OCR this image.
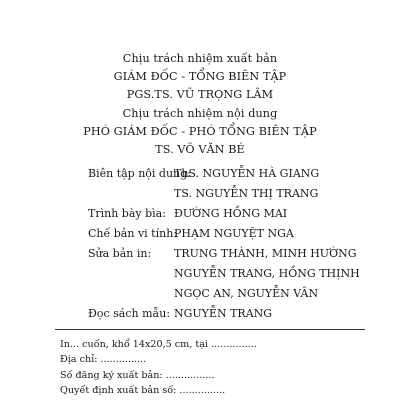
Chịu trách nhiệm xuất bản
GIÁM ĐỐC - TỔNG BIÊN TẬP
PGS.TS. VŨ TRỌNG LÂM
Chịu trách nhiệm nội dung
PHÓ GIÁM ĐỐC - PHÓ TỔNG BIÊN TẬP
TS. VÕ VĂN BÉ
Biên tập nội dung:
ThS. NGUYỄN HÀ GIANG
TS. NGUYỄN THỊ TRANG
Trình bày bìa: ĐƯỜNG HỒNG MAI
Chế bản vi tính:
PHẠM NGUYỆT NGA
Sửa bản in:	TRUNG THÀNH, MINH HƯỜNG
NGUYỄN TRANG, HỒNG THỊNH
NGỌC AN, NGUYỄN VÂN
Đọc sách mẫu: NGUYỄN TRANG
In... cuốn, khổ 14x20,5 cm, tại ...............
Địa chỉ: ...............
Số đăng ký xuất bản: ................
Quyết định xuất bản số: ...............
